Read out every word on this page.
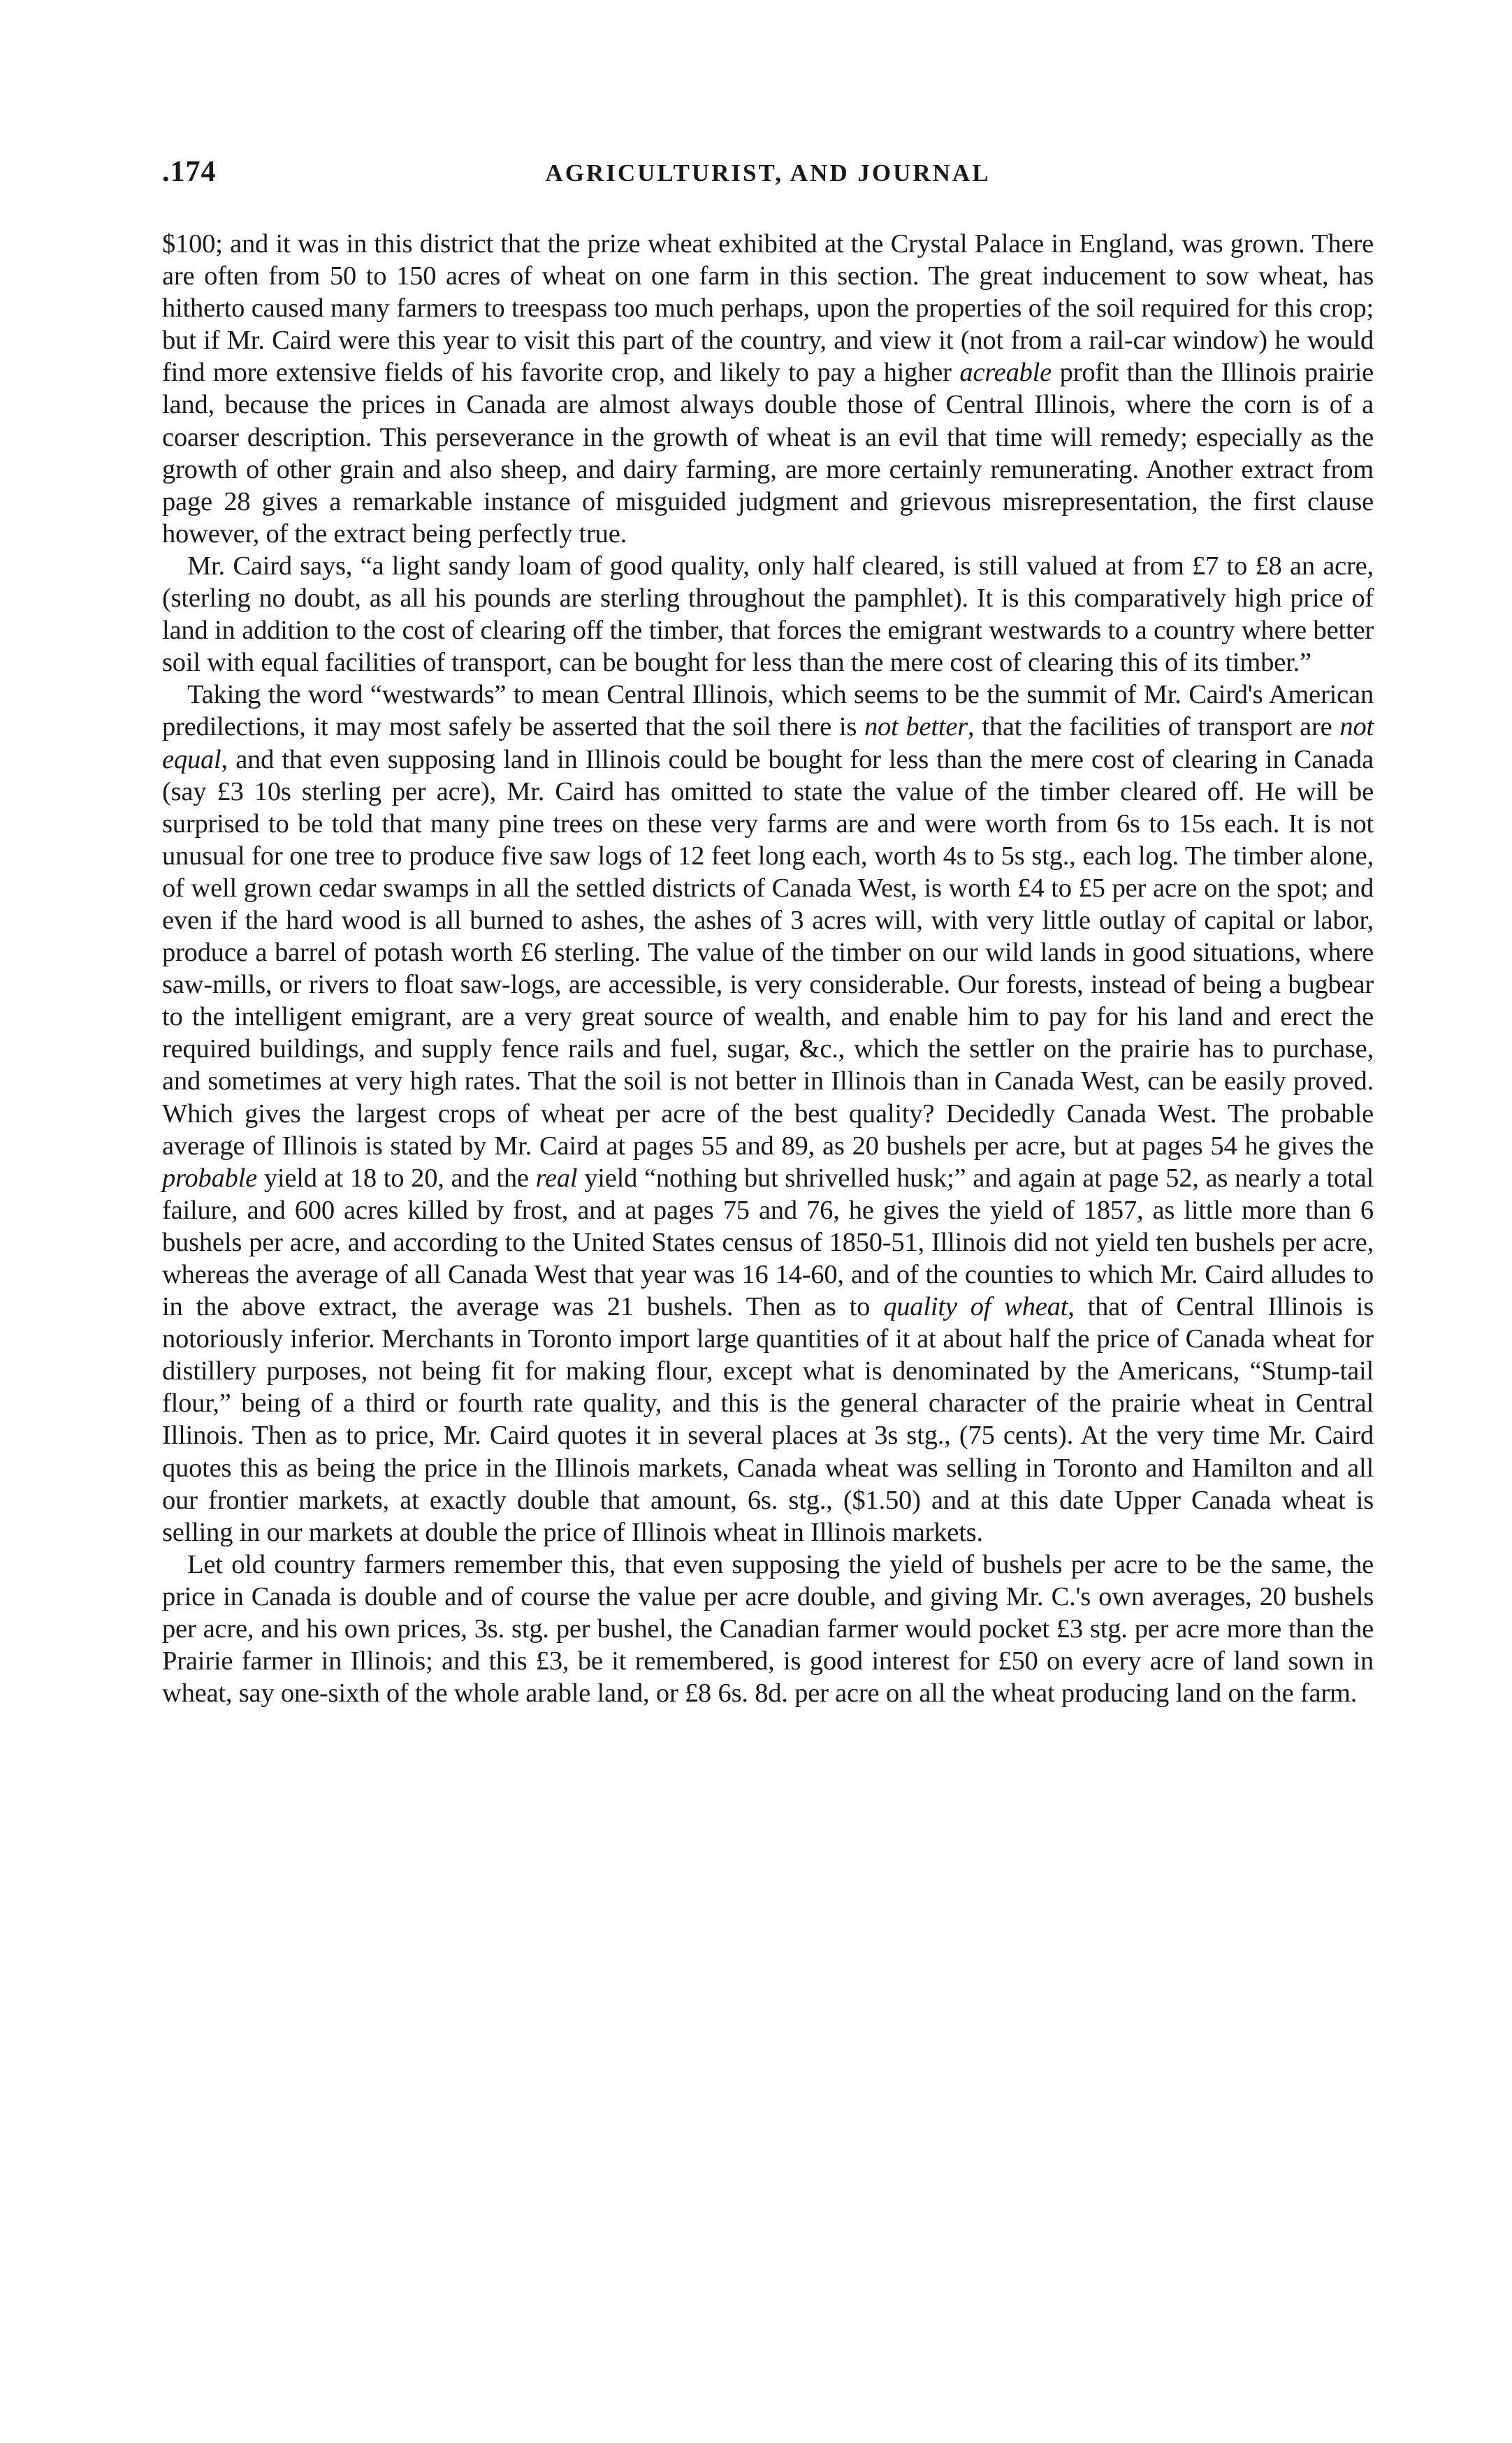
.174	AGRICULTURIST, AND JOURNAL

$100; and it was in this district that the prize wheat exhibited at the Crystal Palace in England, was grown. There are often from 50 to 150 acres of wheat on one farm in this section. The great inducement to sow wheat, has hitherto caused many farmers to treespass too much perhaps, upon the properties of the soil required for this crop; but if Mr. Caird were this year to visit this part of the country, and view it (not from a rail-car window) he would find more extensive fields of his favorite crop, and likely to pay a higher acreable profit than the Illinois prairie land, because the prices in Canada are almost always double those of Central Illinois, where the corn is of a coarser description. This perseverance in the growth of wheat is an evil that time will remedy; especially as the growth of other grain and also sheep, and dairy farming, are more certainly remunerating. Another extract from page 28 gives a remarkable instance of misguided judgment and grievous misrepresentation, the first clause however, of the extract being perfectly true.

Mr. Caird says, “a light sandy loam of good quality, only half cleared, is still valued at from £7 to £8 an acre, (sterling no doubt, as all his pounds are sterling throughout the pamphlet). It is this comparatively high price of land in addition to the cost of clearing off the timber, that forces the emigrant westwards to a country where better soil with equal facilities of transport, can be bought for less than the mere cost of clearing this of its timber.”

Taking the word “westwards” to mean Central Illinois, which seems to be the summit of Mr. Caird's American predilections, it may most safely be asserted that the soil there is not better, that the facilities of transport are not equal, and that even supposing land in Illinois could be bought for less than the mere cost of clearing in Canada (say £3 10s sterling per acre), Mr. Caird has omitted to state the value of the timber cleared off. He will be surprised to be told that many pine trees on these very farms are and were worth from 6s to 15s each. It is not unusual for one tree to produce five saw logs of 12 feet long each, worth 4s to 5s stg., each log. The timber alone, of well grown cedar swamps in all the settled districts of Canada West, is worth £4 to £5 per acre on the spot; and even if the hard wood is all burned to ashes, the ashes of 3 acres will, with very little outlay of capital or labor, produce a barrel of potash worth £6 sterling. The value of the timber on our wild lands in good situations, where saw-mills, or rivers to float saw-logs, are accessible, is very considerable. Our forests, instead of being a bugbear to the intelligent emigrant, are a very great source of wealth, and enable him to pay for his land and erect the required buildings, and supply fence rails and fuel, sugar, &c., which the settler on the prairie has to purchase, and sometimes at very high rates. That the soil is not better in Illinois than in Canada West, can be easily proved. Which gives the largest crops of wheat per acre of the best quality? Decidedly Canada West. The probable average of Illinois is stated by Mr. Caird at pages 55 and 89, as 20 bushels per acre, but at pages 54 he gives the probable yield at 18 to 20, and the real yield “nothing but shrivelled husk;” and again at page 52, as nearly a total failure, and 600 acres killed by frost, and at pages 75 and 76, he gives the yield of 1857, as little more than 6 bushels per acre, and according to the United States census of 1850-51, Illinois did not yield ten bushels per acre, whereas the average of all Canada West that year was 16 14-60, and of the counties to which Mr. Caird alludes to in the above extract, the average was 21 bushels. Then as to quality of wheat, that of Central Illinois is notoriously inferior. Merchants in Toronto import large quantities of it at about half the price of Canada wheat for distillery purposes, not being fit for making flour, except what is denominated by the Americans, “Stump-tail flour,” being of a third or fourth rate quality, and this is the general character of the prairie wheat in Central Illinois. Then as to price, Mr. Caird quotes it in several places at 3s stg., (75 cents). At the very time Mr. Caird quotes this as being the price in the Illinois markets, Canada wheat was selling in Toronto and Hamilton and all our frontier markets, at exactly double that amount, 6s. stg., ($1.50) and at this date Upper Canada wheat is selling in our markets at double the price of Illinois wheat in Illinois markets.

Let old country farmers remember this, that even supposing the yield of bushels per acre to be the same, the price in Canada is double and of course the value per acre double, and giving Mr. C.'s own averages, 20 bushels per acre, and his own prices, 3s. stg. per bushel, the Canadian farmer would pocket £3 stg. per acre more than the Prairie farmer in Illinois; and this £3, be it remembered, is good interest for £50 on every acre of land sown in wheat, say one-sixth of the whole arable land, or £8 6s. 8d. per acre on all the wheat producing land on the farm.
